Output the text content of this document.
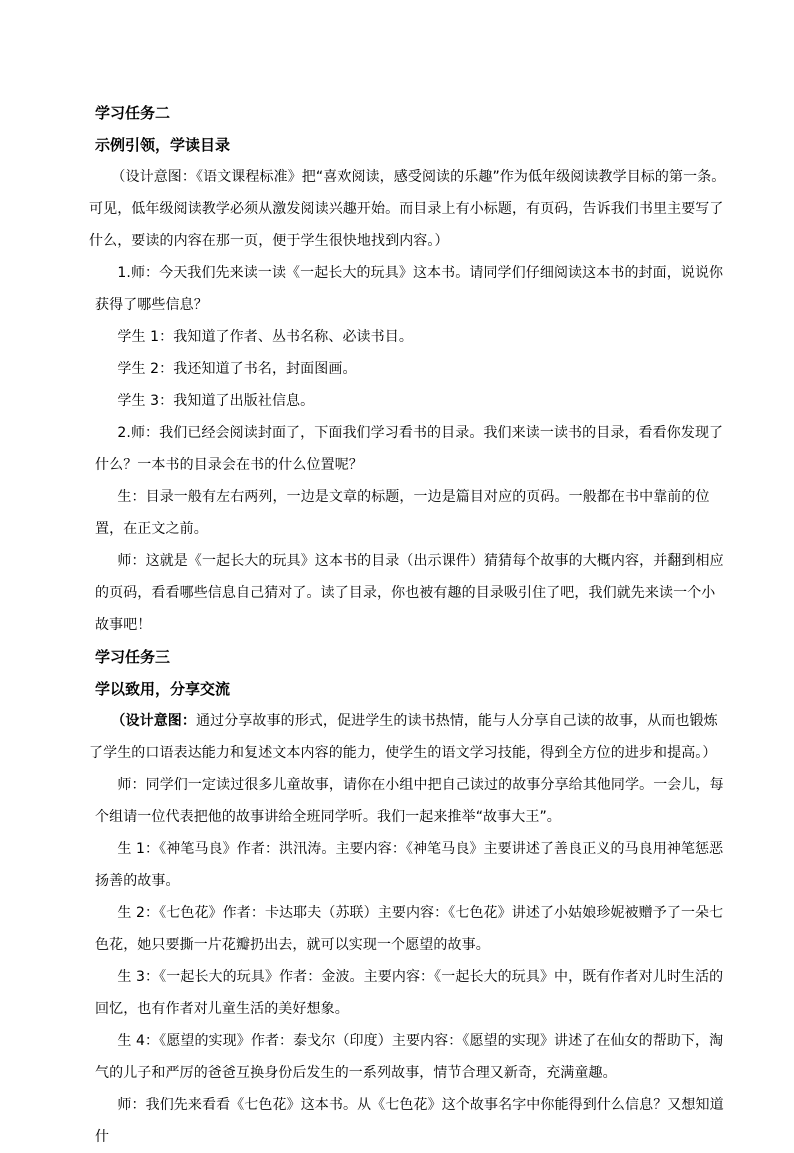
学习任务二
示例引领，学读目录

（设计意图：《语文课程标准》把“喜欢阅读，感受阅读的乐趣”作为低年级阅读教学目标的第一条。可见，低年级阅读教学必须从激发阅读兴趣开始。而目录上有小标题，有页码，告诉我们书里主要写了什么，要读的内容在那一页，便于学生很快地找到内容。）

1.师：今天我们先来读一读《一起长大的玩具》这本书。请同学们仔细阅读这本书的封面，说说你获得了哪些信息？

学生 1：我知道了作者、丛书名称、必读书目。

学生 2：我还知道了书名，封面图画。

学生 3：我知道了出版社信息。

2.师：我们已经会阅读封面了，下面我们学习看书的目录。我们来读一读书的目录，看看你发现了什么？一本书的目录会在书的什么位置呢？

生：目录一般有左右两列，一边是文章的标题，一边是篇目对应的页码。一般都在书中靠前的位置，在正文之前。

师：这就是《一起长大的玩具》这本书的目录（出示课件）猜猜每个故事的大概内容，并翻到相应的页码，看看哪些信息自己猜对了。读了目录，你也被有趣的目录吸引住了吧，我们就先来读一个小故事吧！

学习任务三
学以致用，分享交流

（设计意图：通过分享故事的形式，促进学生的读书热情，能与人分享自己读的故事，从而也锻炼了学生的口语表达能力和复述文本内容的能力，使学生的语文学习技能，得到全方位的进步和提高。）

师：同学们一定读过很多儿童故事，请你在小组中把自己读过的故事分享给其他同学。一会儿，每个组请一位代表把他的故事讲给全班同学听。我们一起来推举“故事大王”。

生 1：《神笔马良》作者：洪汛涛。主要内容：《神笔马良》主要讲述了善良正义的马良用神笔惩恶扬善的故事。

生 2：《七色花》作者：卡达耶夫（苏联）主要内容：《七色花》讲述了小姑娘珍妮被赠予了一朵七色花，她只要撕一片花瓣扔出去，就可以实现一个愿望的故事。

生 3：《一起长大的玩具》作者：金波。主要内容：《一起长大的玩具》中，既有作者对儿时生活的回忆，也有作者对儿童生活的美好想象。

生 4：《愿望的实现》作者：泰戈尔（印度）主要内容：《愿望的实现》讲述了在仙女的帮助下，淘气的儿子和严厉的爸爸互换身份后发生的一系列故事，情节合理又新奇，充满童趣。

师：我们先来看看《七色花》这本书。从《七色花》这个故事名字中你能得到什么信息？又想知道什
